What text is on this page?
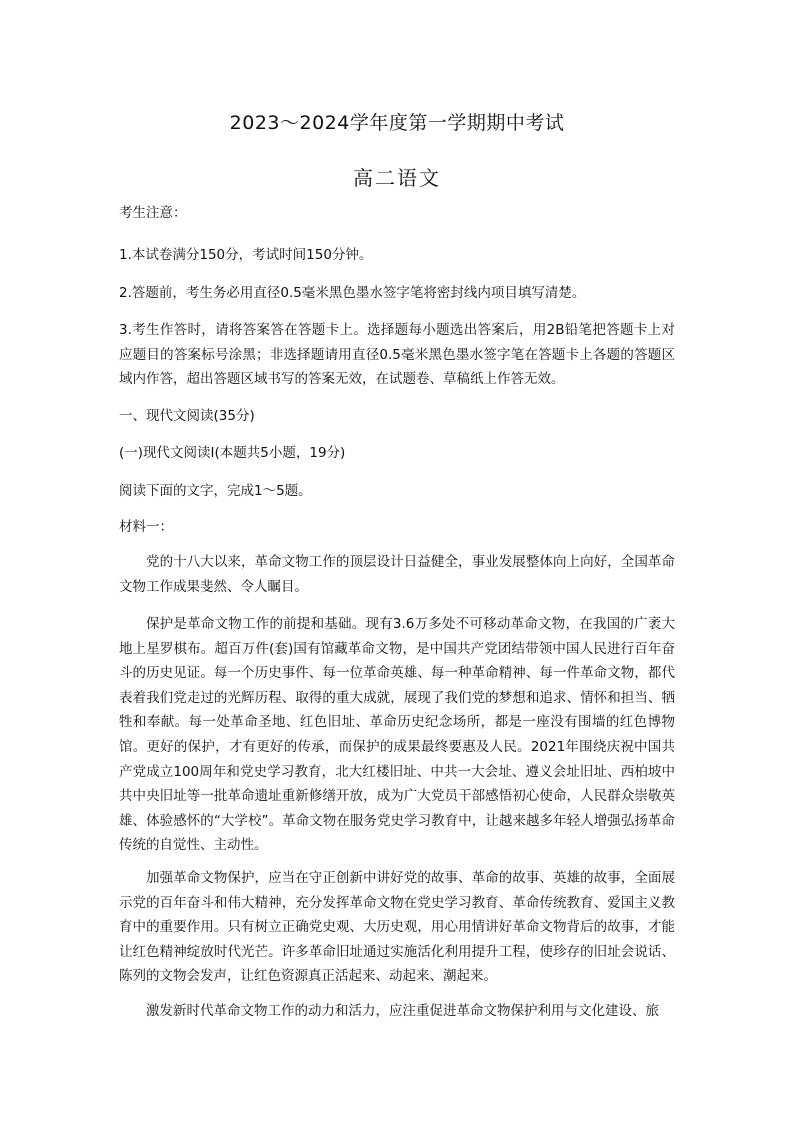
2023～2024学年度第一学期期中考试
高二语文

考生注意：

1.本试卷满分150分，考试时间150分钟。

2.答题前，考生务必用直径0.5毫米黑色墨水签字笔将密封线内项目填写清楚。

3.考生作答时，请将答案答在答题卡上。选择题每小题选出答案后，用2B铅笔把答题卡上对应题目的答案标号涂黑；非选择题请用直径0.5毫米黑色墨水签字笔在答题卡上各题的答题区域内作答，超出答题区域书写的答案无效，在试题卷、草稿纸上作答无效。

一、现代文阅读(35分)

(一)现代文阅读I(本题共5小题，19分)

阅读下面的文字，完成1～5题。

材料一：

党的十八大以来，革命文物工作的顶层设计日益健全，事业发展整体向上向好，全国革命文物工作成果斐然、令人瞩目。

保护是革命文物工作的前提和基础。现有3.6万多处不可移动革命文物，在我国的广袤大地上星罗棋布。超百万件(套)国有馆藏革命文物，是中国共产党团结带领中国人民进行百年奋斗的历史见证。每一个历史事件、每一位革命英雄、每一种革命精神、每一件革命文物，都代表着我们党走过的光辉历程、取得的重大成就，展现了我们党的梦想和追求、情怀和担当、牺牲和奉献。每一处革命圣地、红色旧址、革命历史纪念场所，都是一座没有围墙的红色博物馆。更好的保护，才有更好的传承，而保护的成果最终要惠及人民。2021年围绕庆祝中国共产党成立100周年和党史学习教育，北大红楼旧址、中共一大会址、遵义会址旧址、西柏坡中共中央旧址等一批革命遗址重新修缮开放，成为广大党员干部感悟初心使命，人民群众崇敬英雄、体验感怀的“大学校”。革命文物在服务党史学习教育中，让越来越多年轻人增强弘扬革命传统的自觉性、主动性。

加强革命文物保护，应当在守正创新中讲好党的故事、革命的故事、英雄的故事，全面展示党的百年奋斗和伟大精神，充分发挥革命文物在党史学习教育、革命传统教育、爱国主义教育中的重要作用。只有树立正确党史观、大历史观，用心用情讲好革命文物背后的故事，才能让红色精神绽放时代光芒。许多革命旧址通过实施活化利用提升工程，使珍存的旧址会说话、陈列的文物会发声，让红色资源真正活起来、动起来、潮起来。

激发新时代革命文物工作的动力和活力，应注重促进革命文物保护利用与文化建设、旅
